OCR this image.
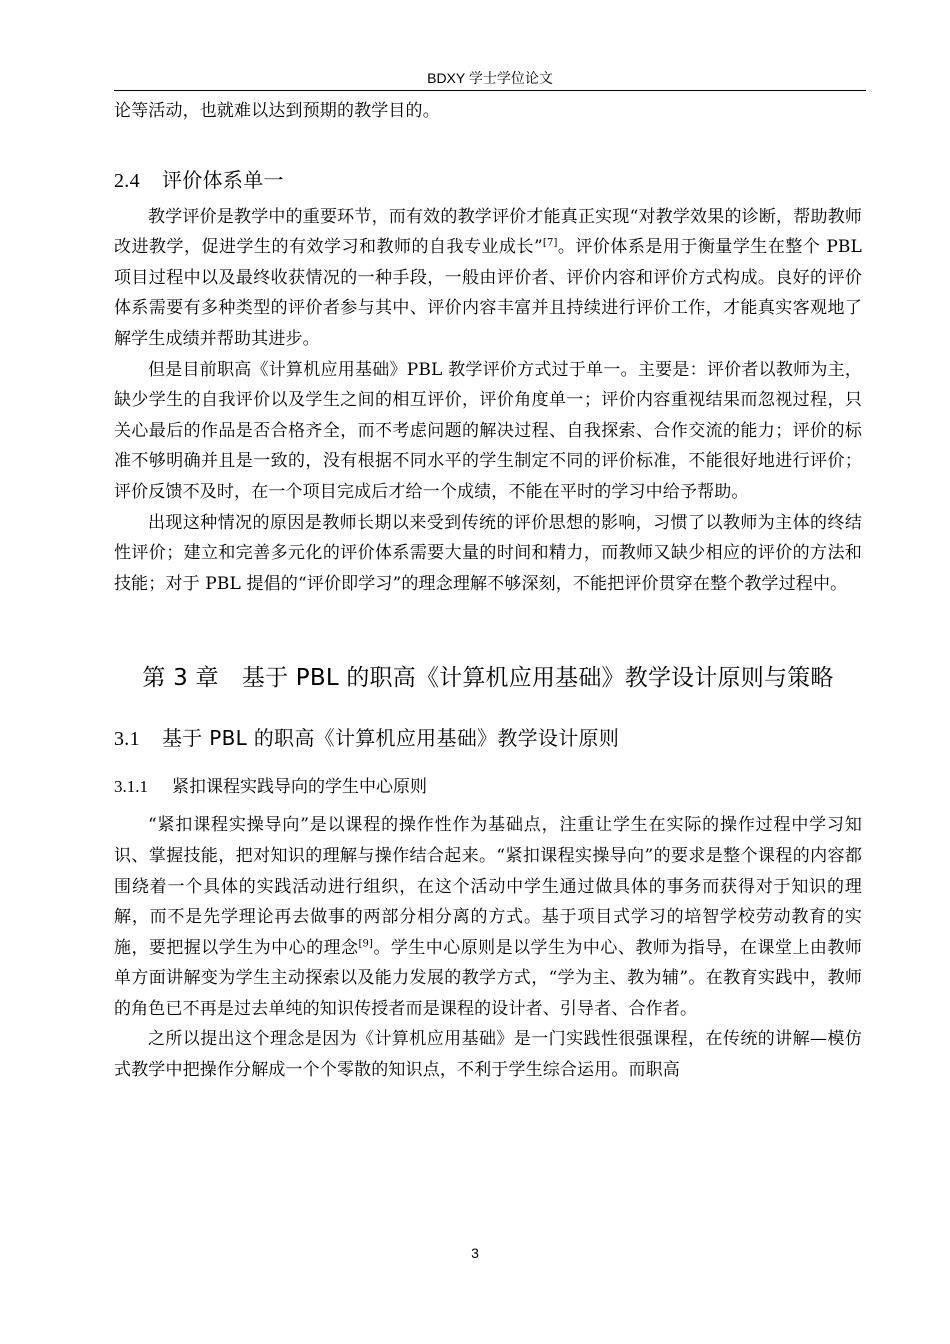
BDXY 学士学位论文

论等活动，也就难以达到预期的教学目的。

2.4 评价体系单一

教学评价是教学中的重要环节，而有效的教学评价才能真正实现“对教学效果的诊断，帮助教师改进教学，促进学生的有效学习和教师的自我专业成长”[7]。评价体系是用于衡量学生在整个 PBL 项目过程中以及最终收获情况的一种手段，一般由评价者、评价内容和评价方式构成。良好的评价体系需要有多种类型的评价者参与其中、评价内容丰富并且持续进行评价工作，才能真实客观地了解学生成绩并帮助其进步。

但是目前职高《计算机应用基础》PBL 教学评价方式过于单一。主要是：评价者以教师为主，缺少学生的自我评价以及学生之间的相互评价，评价角度单一；评价内容重视结果而忽视过程，只关心最后的作品是否合格齐全，而不考虑问题的解决过程、自我探索、合作交流的能力；评价的标准不够明确并且是一致的，没有根据不同水平的学生制定不同的评价标准，不能很好地进行评价；评价反馈不及时，在一个项目完成后才给一个成绩，不能在平时的学习中给予帮助。

出现这种情况的原因是教师长期以来受到传统的评价思想的影响，习惯了以教师为主体的终结性评价；建立和完善多元化的评价体系需要大量的时间和精力，而教师又缺少相应的评价的方法和技能；对于 PBL 提倡的“评价即学习”的理念理解不够深刻，不能把评价贯穿在整个教学过程中。

第 3 章　基于 PBL 的职高《计算机应用基础》教学设计原则与策略
3.1 基于 PBL 的职高《计算机应用基础》教学设计原则
3.1.1 紧扣课程实践导向的学生中心原则

“紧扣课程实操导向”是以课程的操作性作为基础点，注重让学生在实际的操作过程中学习知识、掌握技能，把对知识的理解与操作结合起来。“紧扣课程实操导向”的要求是整个课程的内容都围绕着一个具体的实践活动进行组织，在这个活动中学生通过做具体的事务而获得对于知识的理解，而不是先学理论再去做事的两部分相分离的方式。基于项目式学习的培智学校劳动教育的实施，要把握以学生为中心的理念[9]。学生中心原则是以学生为中心、教师为指导，在课堂上由教师单方面讲解变为学生主动探索以及能力发展的教学方式，“学为主、教为辅”。在教育实践中，教师的角色已不再是过去单纯的知识传授者而是课程的设计者、引导者、合作者。

之所以提出这个理念是因为《计算机应用基础》是一门实践性很强课程，在传统的讲解—模仿式教学中把操作分解成一个个零散的知识点，不利于学生综合运用。而职高

3
